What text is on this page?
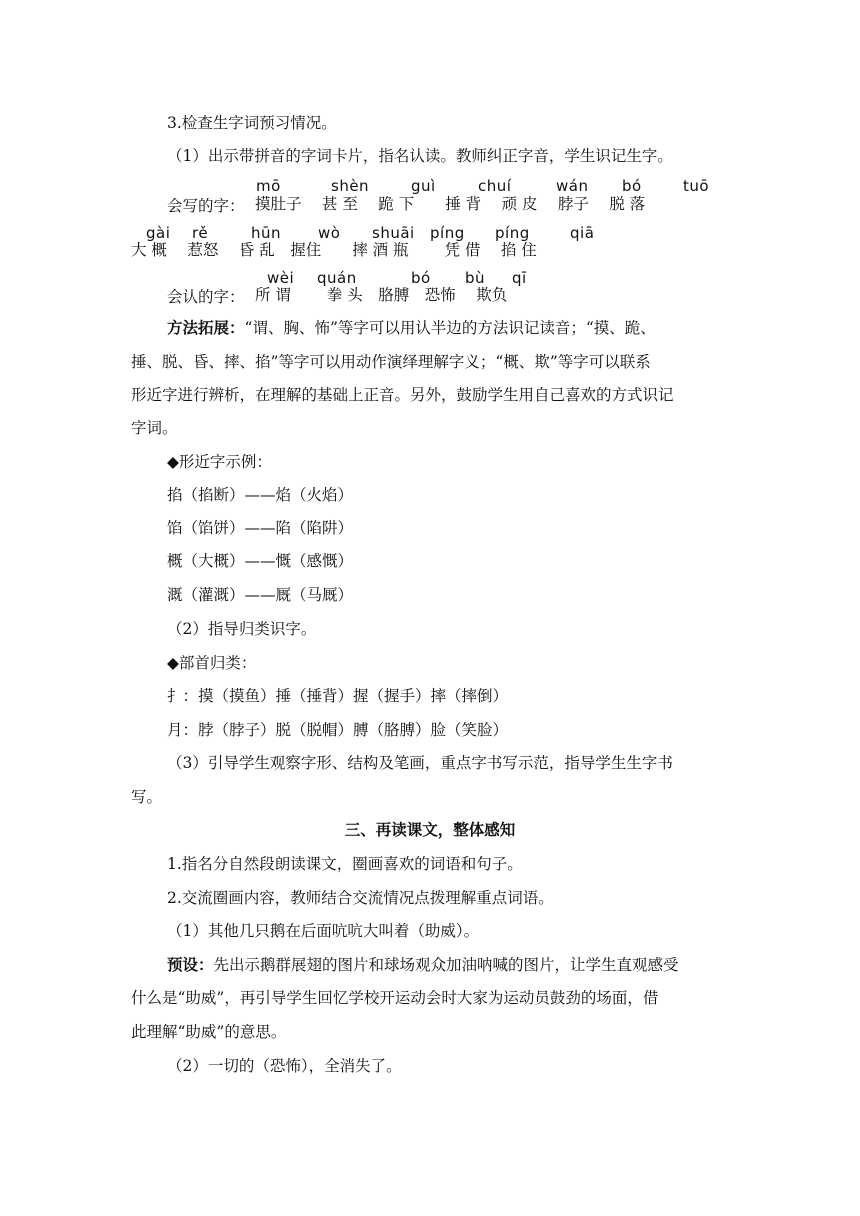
3.检查生字词预习情况。
（1）出示带拼音的字词卡片，指名认读。教师纠正字音，学生识记生字。
mō	shèn	guì	chuí	wán bó	tuō
会写的字： 摸肚子　 甚 至　 跪 下　　捶 背　 顽 皮　 脖子　 脱 落
gài rě	hūn wò shuāi píng píng	qiā
大 概　 惹怒　 昏 乱　握住　　摔 酒 瓶　　 凭 借　 掐 住
wèi quán	bó bù qī
会认的字： 所 谓　　 拳 头　胳膊　恐怖　 欺负
方法拓展：“谓、胸、怖”等字可以用认半边的方法识记读音；“摸、跪、
捶、脱、昏、摔、掐”等字可以用动作演绎理解字义；“概、欺”等字可以联系
形近字进行辨析，在理解的基础上正音。另外，鼓励学生用自己喜欢的方式识记
字词。
◆形近字示例：
掐（掐断）——焰（火焰）
馅（馅饼）——陷（陷阱）
概（大概）——慨（感慨）
溉（灌溉）——厩（马厩）
（2）指导归类识字。
◆部首归类：
扌：摸（摸鱼）捶（捶背）握（握手）摔（摔倒）
月：脖（脖子）脱（脱帽）膊（胳膊）脸（笑脸）
（3）引导学生观察字形、结构及笔画，重点字书写示范，指导学生生字书
写。
三、再读课文，整体感知
1.指名分自然段朗读课文，圈画喜欢的词语和句子。
2.交流圈画内容，教师结合交流情况点拨理解重点词语。
（1）其他几只鹅在后面吭吭大叫着（助威）。
预设：先出示鹅群展翅的图片和球场观众加油呐喊的图片，让学生直观感受
什么是“助威”，再引导学生回忆学校开运动会时大家为运动员鼓劲的场面，借
此理解“助威”的意思。
（2）一切的（恐怖），全消失了。
